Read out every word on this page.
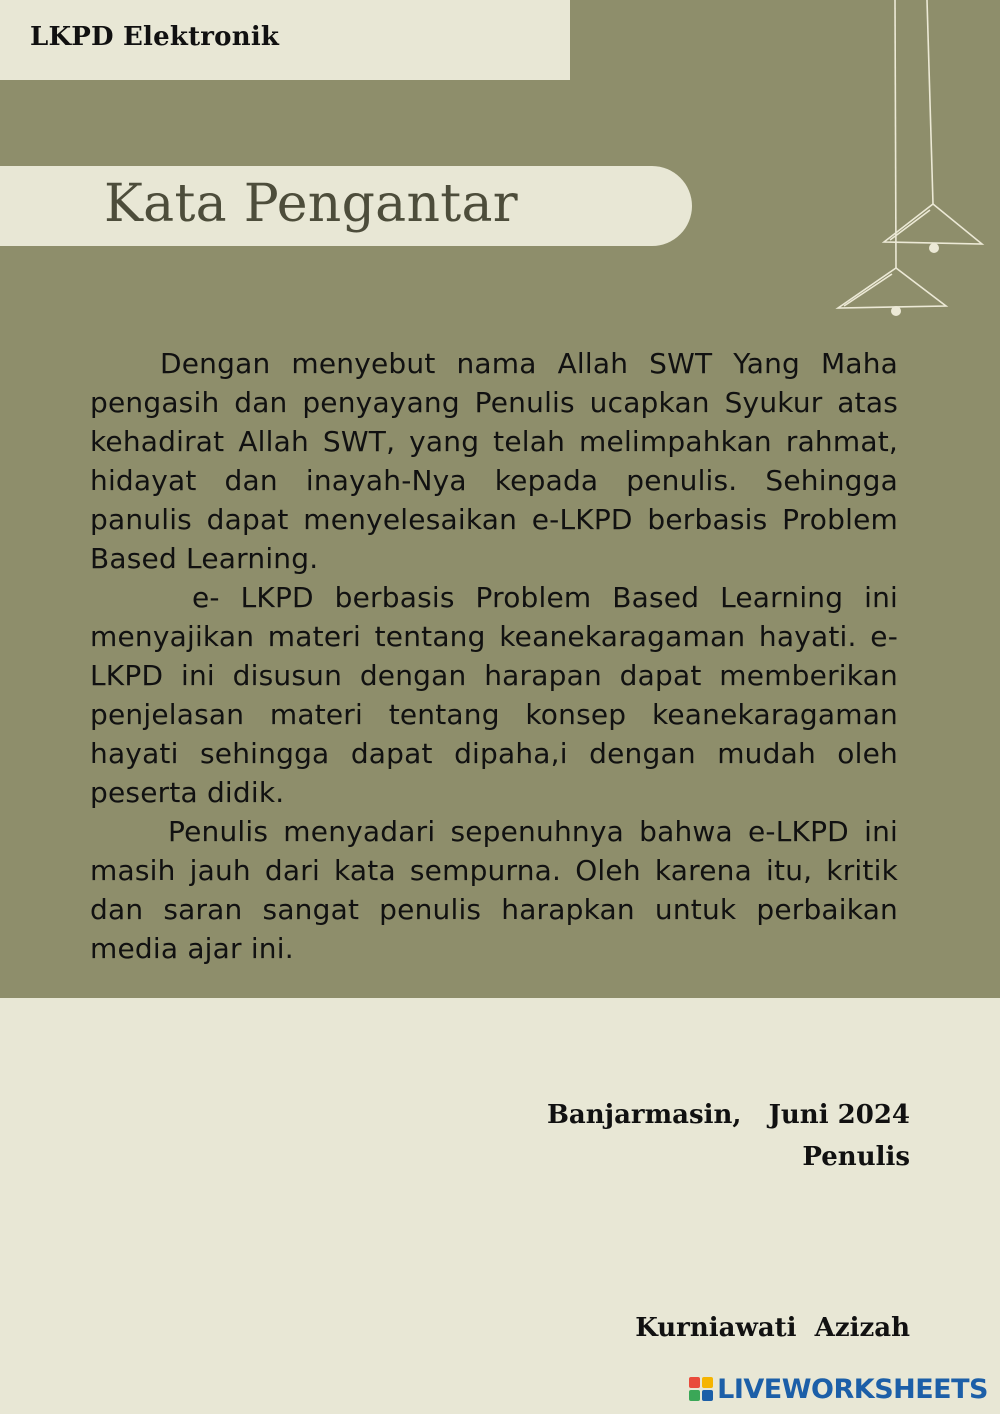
LKPD Elektronik
Kata Pengantar

Dengan menyebut nama Allah SWT Yang Maha pengasih dan penyayang Penulis ucapkan Syukur atas kehadirat Allah SWT, yang telah melimpahkan rahmat, hidayat dan inayah-Nya kepada penulis. Sehingga panulis dapat menyelesaikan e-LKPD berbasis Problem Based Learning.

e- LKPD berbasis Problem Based Learning ini menyajikan materi tentang keanekaragaman hayati. e-LKPD ini disusun dengan harapan dapat memberikan penjelasan materi tentang konsep keanekaragaman hayati sehingga dapat dipaha,i dengan mudah oleh peserta didik.

Penulis menyadari sepenuhnya bahwa e-LKPD ini masih jauh dari kata sempurna. Oleh karena itu, kritik dan saran sangat penulis harapkan untuk perbaikan media ajar ini.

Banjarmasin,   Juni 2024
Penulis
Kurniawati  Azizah
LIVEWORKSHEETS
